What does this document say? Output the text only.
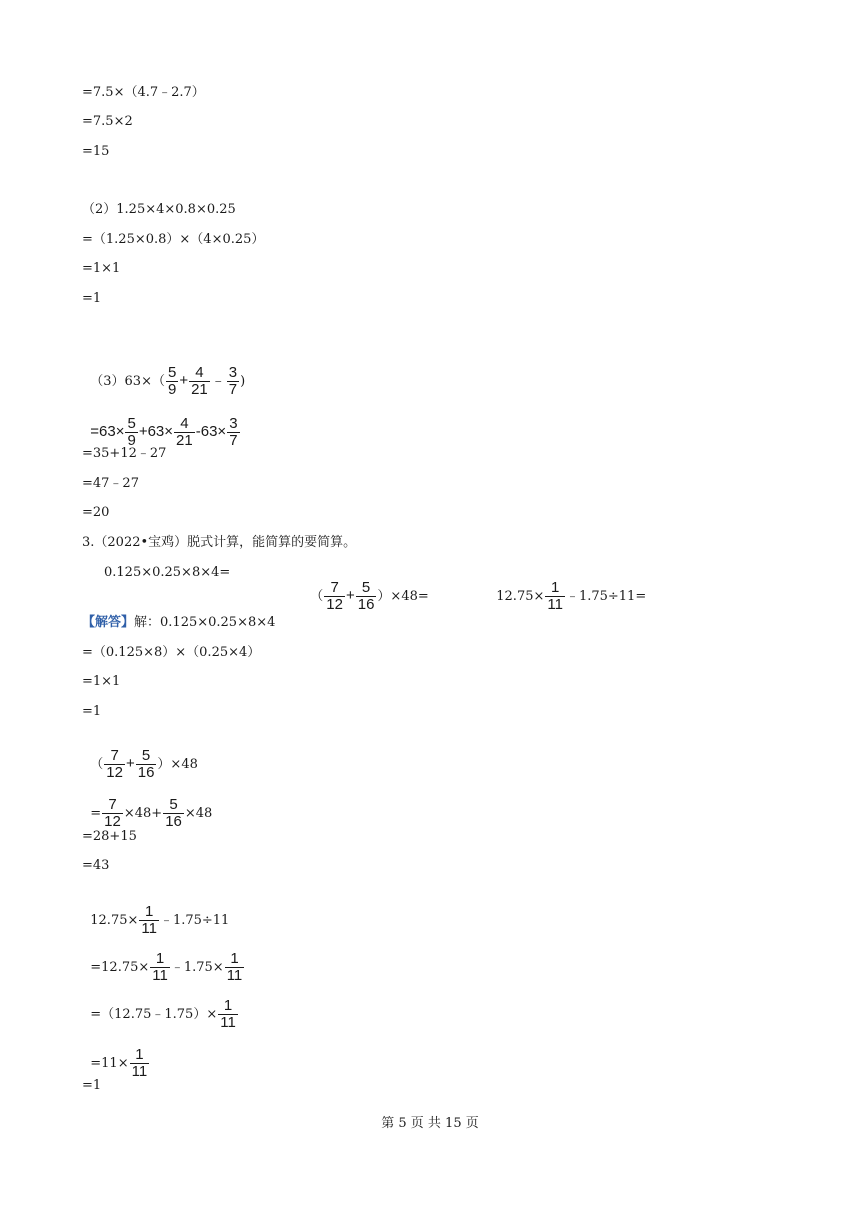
=7.5×（4.7﹣2.7）
=7.5×2
=15
（2）1.25×4×0.8×0.25
=（1.25×0.8）×（4×0.25）
=1×1
=1

$(3)63\times( \frac{5}{9} + \frac{4}{21}$ ﹣ $\frac{3}{7}$ )

$=63\times \frac{5}{9} +63\times \frac{4}{21} -63\times \frac{3}{7}$

=35+12﹣27
=47﹣27
=20
3.（2022•宝鸡）脱式计算，能简算的要简算。
0.125×0.25×8×4=

（ $\frac{7}{12} + \frac{5}{16} )\times 48=$	$12.75\times \frac{1}{11}$ ﹣1.75÷11=

【解答】解：0.125×0.25×8×4
=（0.125×8）×（0.25×4）
=1×1
=1

（ $\frac{7}{12} + \frac{5}{16} )\times 48$

= $\frac{7}{12} \times 48+ \frac{5}{16} \times 48$

=28+15
=43

$12.75\times \frac{1}{11}$ ﹣1.75÷11

$=12.75\times \frac{1}{11}$ ﹣1.75× $\frac{1}{11}$

=（12.75﹣1.75）× $\frac{1}{11}$

$=11\times \frac{1}{11}$

=1
第 5 页 共 15 页
